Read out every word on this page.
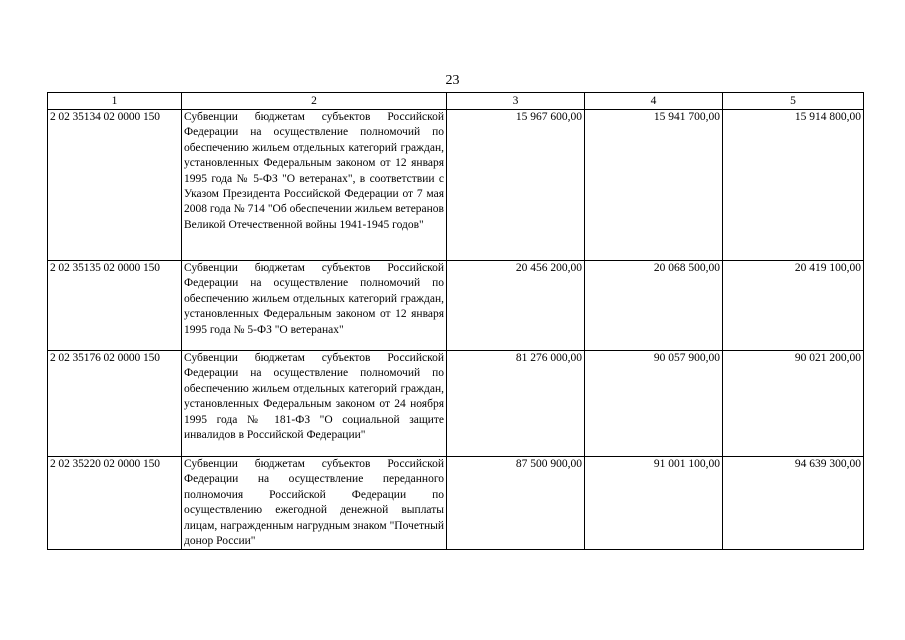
23
1	2	3	4	5
2 02 35134 02 0000 150	Субвенции бюджетам субъектов Российской Федерации на осуществление полномочий по обеспечению жильем отдельных категорий граждан, установленных Федеральным законом от 12 января 1995 года № 5-ФЗ "О ветеранах", в соответствии с Указом Президента Российской Федерации от 7 мая 2008 года № 714 "Об обеспечении жильем ветеранов Великой Отечественной войны 1941-1945 годов"	15 967 600,00	15 941 700,00	15 914 800,00
2 02 35135 02 0000 150	Субвенции бюджетам субъектов Российской Федерации на осуществление полномочий по обеспечению жильем отдельных категорий граждан, установленных Федеральным законом от 12 января 1995 года № 5-ФЗ "О ветеранах"	20 456 200,00	20 068 500,00	20 419 100,00
2 02 35176 02 0000 150	Субвенции бюджетам субъектов Российской Федерации на осуществление полномочий по обеспечению жильем отдельных категорий граждан, установленных Федеральным законом от 24 ноября 1995 года № 181-ФЗ "О социальной защите инвалидов в Российской Федерации"	81 276 000,00	90 057 900,00	90 021 200,00
2 02 35220 02 0000 150	Субвенции бюджетам субъектов Российской Федерации на осуществление переданного полномочия Российской Федерации по осуществлению ежегодной денежной выплаты лицам, награжденным нагрудным знаком "Почетный донор России"	87 500 900,00	91 001 100,00	94 639 300,00
